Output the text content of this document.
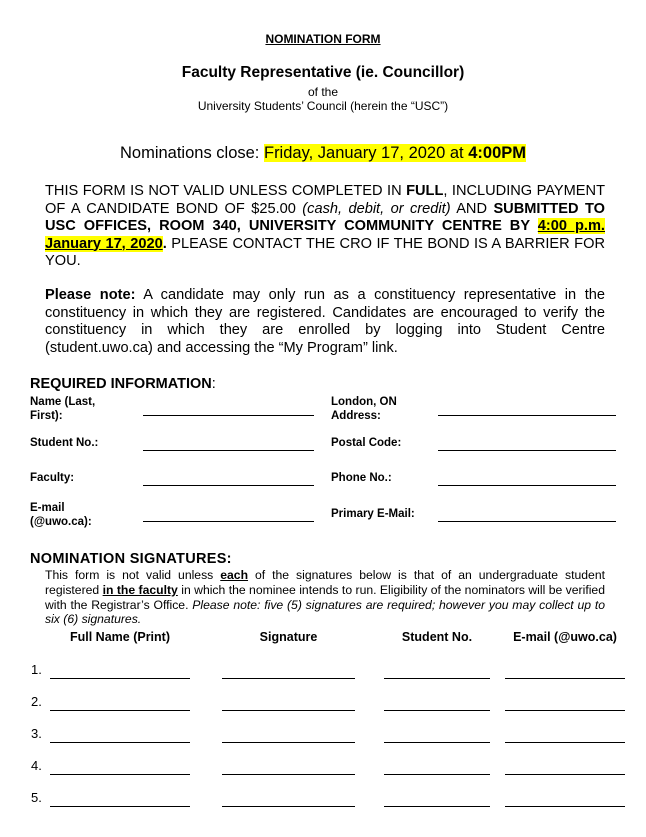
NOMINATION FORM
Faculty Representative (ie. Councillor)
of the
University Students’ Council (herein the “USC”)
Nominations close: Friday, January 17, 2020 at 4:00PM
THIS FORM IS NOT VALID UNLESS COMPLETED IN FULL, INCLUDING PAYMENT OF A CANDIDATE BOND OF $25.00 (cash, debit, or credit) AND SUBMITTED TO USC OFFICES, ROOM 340, UNIVERSITY COMMUNITY CENTRE BY 4:00 p.m. January 17, 2020. PLEASE CONTACT THE CRO IF THE BOND IS A BARRIER FOR YOU.
Please note: A candidate may only run as a constituency representative in the constituency in which they are registered. Candidates are encouraged to verify the constituency in which they are enrolled by logging into Student Centre (student.uwo.ca) and accessing the “My Program” link.
REQUIRED INFORMATION:
Name (Last, First):
London, ON Address:
Student No.:	Postal Code:
Faculty:	Phone No.:
E-mail (@uwo.ca):
Primary E-Mail:
NOMINATION SIGNATURES:
This form is not valid unless each of the signatures below is that of an undergraduate student registered in the faculty in which the nominee intends to run. Eligibility of the nominators will be verified with the Registrar’s Office. Please note: five (5) signatures are required; however you may collect up to six (6) signatures.
Full Name (Print)	Signature	Student No.	E-mail (@uwo.ca)
1.
2.
3.
4.
5.
